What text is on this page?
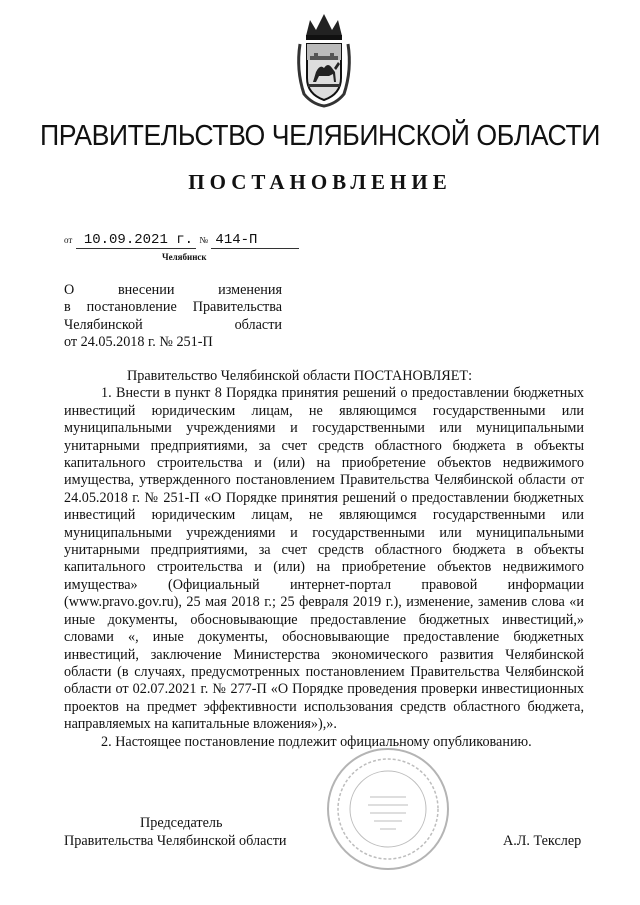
ПРАВИТЕЛЬСТВО ЧЕЛЯБИНСКОЙ ОБЛАСТИ
ПОСТАНОВЛЕНИЕ
от 10.09.2021 г. № 414-П
Челябинск
О внесении изменения
в постановление Правительства
Челябинской области
от 24.05.2018 г. № 251-П

Правительство Челябинской области ПОСТАНОВЛЯЕТ:

1. Внести в пункт 8 Порядка принятия решений о предоставлении бюджетных инвестиций юридическим лицам, не являющимся государственными или муниципальными учреждениями и государственными или муниципальными унитарными предприятиями, за счет средств областного бюджета в объекты капитального строительства и (или) на приобретение объектов недвижимого имущества, утвержденного постановлением Правительства Челябинской области от 24.05.2018 г. № 251-П «О Порядке принятия решений о предоставлении бюджетных инвестиций юридическим лицам, не являющимся государственными или муниципальными учреждениями и государственными или муниципальными унитарными предприятиями, за счет средств областного бюджета в объекты капитального строительства и (или) на приобретение объектов недвижимого имущества» (Официальный интернет-портал правовой информации (www.pravo.gov.ru), 25 мая 2018 г.; 25 февраля 2019 г.), изменение, заменив слова «и иные документы, обосновывающие предоставление бюджетных инвестиций,» словами «, иные документы, обосновывающие предоставление бюджетных инвестиций, заключение Министерства экономического развития Челябинской области (в случаях, предусмотренных постановлением Правительства Челябинской области от 02.07.2021 г. № 277-П «О Порядке проведения проверки инвестиционных проектов на предмет эффективности использования средств областного бюджета, направляемых на капитальные вложения»),».

2. Настоящее постановление подлежит официальному опубликованию.

Председатель
Правительства Челябинской области	А.Л. Текслер
